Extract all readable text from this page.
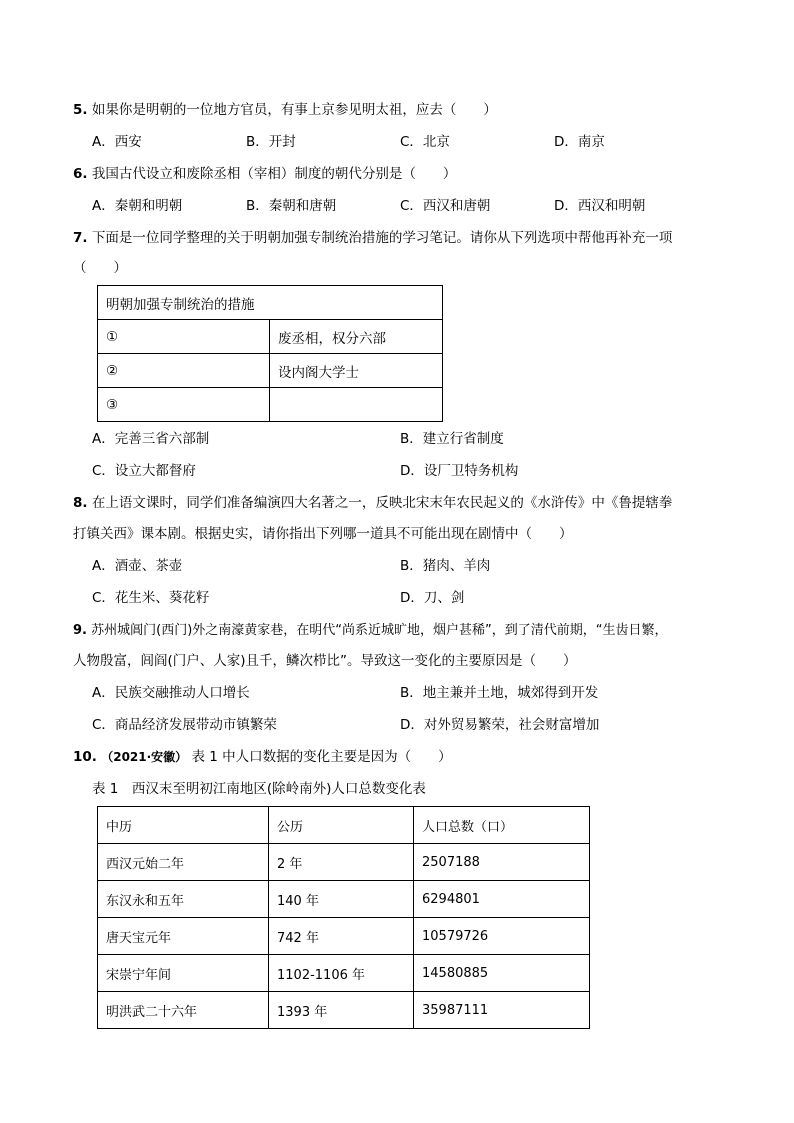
5. 如果你是明朝的一位地方官员，有事上京参见明太祖，应去（　　）
A．西安	B．开封	C．北京	D．南京
6. 我国古代设立和废除丞相（宰相）制度的朝代分别是（　　）
A．秦朝和明朝	B．秦朝和唐朝	C．西汉和唐朝	D．西汉和明朝
7. 下面是一位同学整理的关于明朝加强专制统治措施的学习笔记。请你从下列选项中帮他再补充一项
（　　）
明朝加强专制统治的措施	
①	废丞相，权分六部
②	设内阁大学士
③	
A．完善三省六部制	B．建立行省制度
C．设立大都督府	D．设厂卫特务机构
8. 在上语文课时，同学们准备编演四大名著之一，反映北宋末年农民起义的《水浒传》中《鲁提辖拳
打镇关西》课本剧。根据史实，请你指出下列哪一道具不可能出现在剧情中（　　）
A．酒壶、茶壶	B．猪肉、羊肉
C．花生米、葵花籽	D．刀、剑
9. 苏州城阊门(西门)外之南濠黄家巷，在明代“尚系近城旷地，烟户甚稀”，到了清代前期，“生齿日繁，
人物殷富，闾阎(门户、人家)且千，鳞次栉比”。导致这一变化的主要原因是（　　）
A．民族交融推动人口增长	B．地主兼并土地，城郊得到开发
C．商品经济发展带动市镇繁荣	D．对外贸易繁荣，社会财富增加
10. （2021·安徽） 表 1 中人口数据的变化主要是因为（　　）
表 1　西汉末至明初江南地区(除岭南外)人口总数变化表
中历	公历	人口总数（口）
西汉元始二年	2 年	2507188
东汉永和五年	140 年	6294801
唐天宝元年	742 年	10579726
宋崇宁年间	1102-1106 年	14580885
明洪武二十六年	1393 年	35987111
